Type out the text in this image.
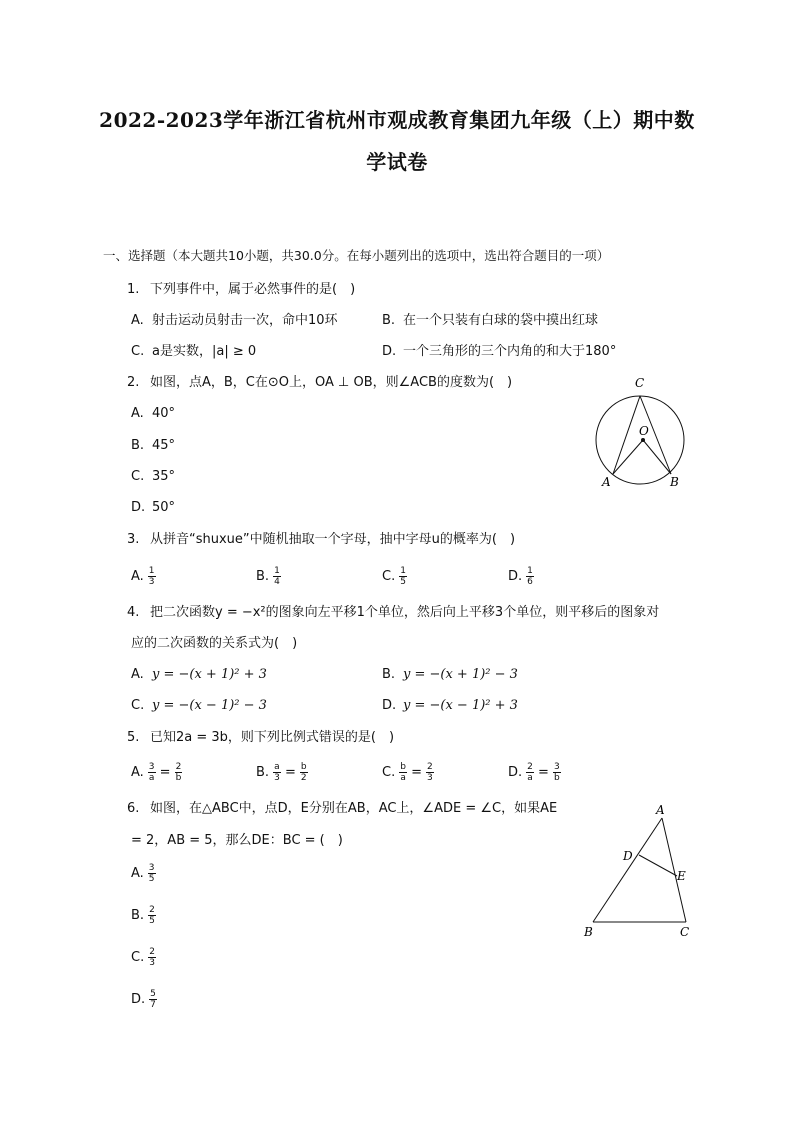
2022-2023学年浙江省杭州市观成教育集团九年级（上）期中数
学试卷
一、选择题（本大题共10小题，共30.0分。在每小题列出的选项中，选出符合题目的一项）
1. 下列事件中，属于必然事件的是(　)
A. 射击运动员射击一次，命中10环	B. 在一个只装有白球的袋中摸出红球
C. a是实数，|a| ≥ 0	D. 一个三角形的三个内角的和大于180°
2. 如图，点A，B，C在⊙O上，OA ⊥ OB，则∠ACB的度数为(　)
A. 40°
B. 45°
C. 35°
D. 50°
C
O
A	B
3. 从拼音“shuxue”中随机抽取一个字母，抽中字母u的概率为(　)
A. $\frac{1}{3}$	B. $\frac{1}{4}$	C. $\frac{1}{5}$	D. $\frac{1}{6}$
4. 把二次函数y = −x²的图象向左平移1个单位，然后向上平移3个单位，则平移后的图象对
应的二次函数的关系式为(　)
A. y = −(x + 1)² + 3	B. y = −(x + 1)² − 3
C. y = −(x − 1)² − 3	D. y = −(x − 1)² + 3
5. 已知2a = 3b，则下列比例式错误的是(　)
A. $\frac{3}{a} = \frac{2}{b}$	B. $\frac{a}{3} = \frac{b}{2}$	C. $\frac{b}{a} = \frac{2}{3}$	D. $\frac{2}{a} = \frac{3}{b}$
6. 如图，在△ABC中，点D，E分别在AB，AC上，∠ADE = ∠C，如果AE
= 2，AB = 5，那么DE：BC = (　)
A. $\frac{3}{5}$
B. $\frac{2}{5}$
C. $\frac{2}{3}$
D. $\frac{5}{7}$
A
D
E
B	C
